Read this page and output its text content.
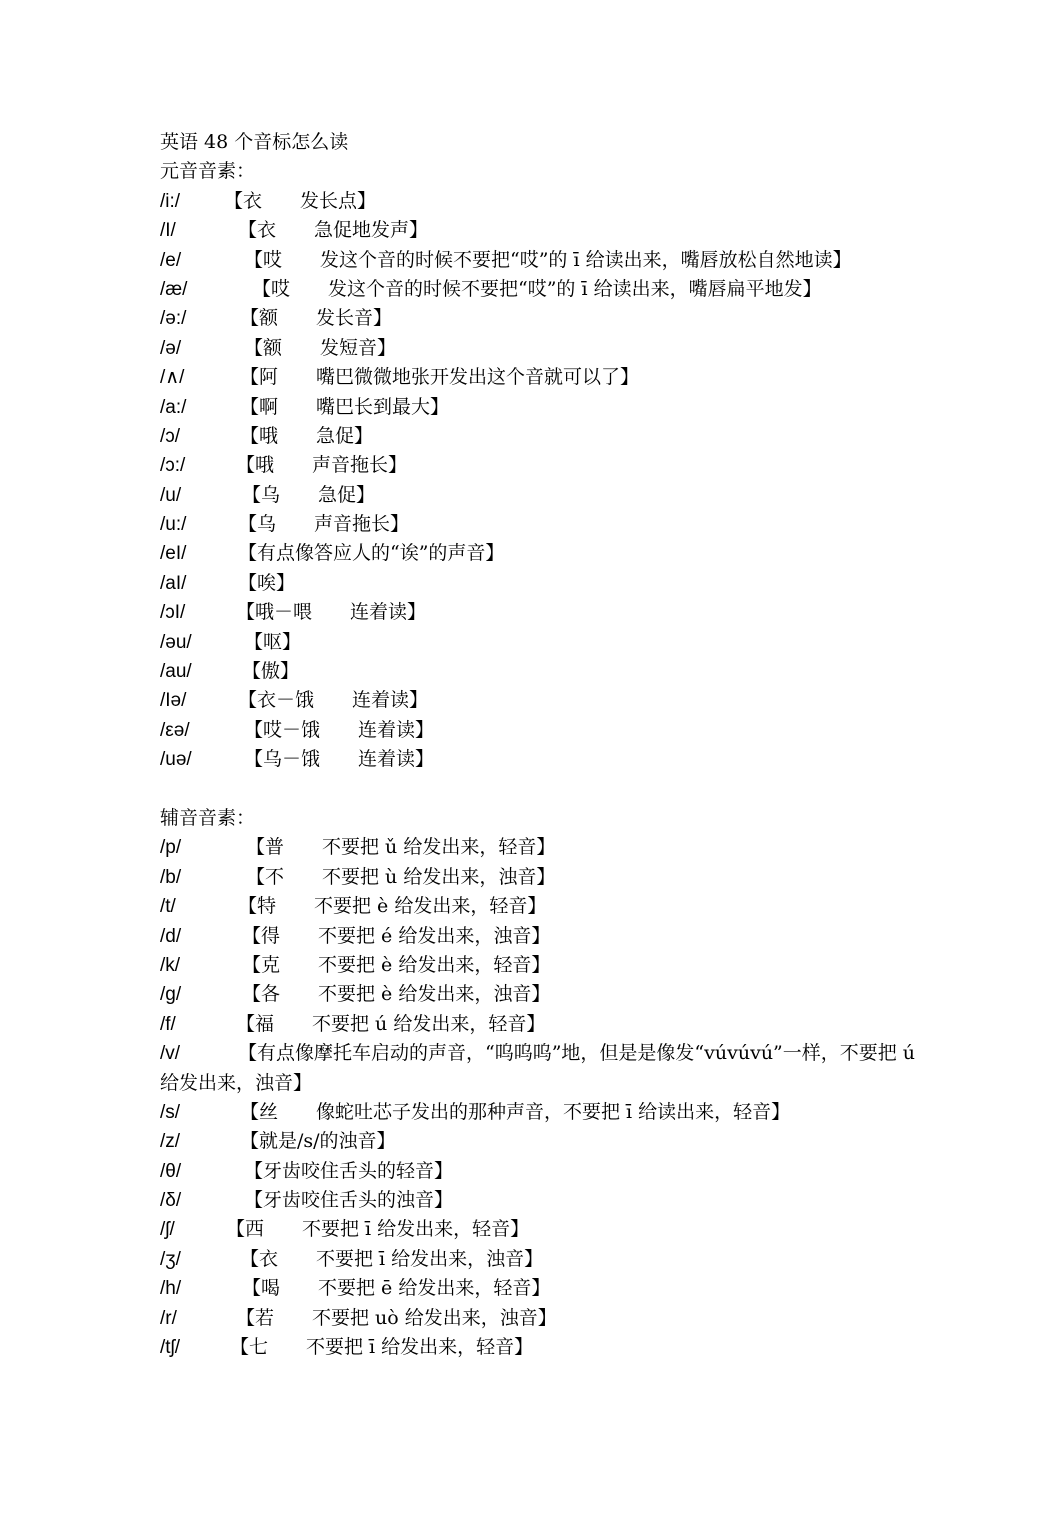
英语 48 个音标怎么读
元音音素：
/i:/ 【衣　　发长点】
/I/	【衣　　急促地发声】
/e/	【哎　　发这个音的时候不要把“哎”的 ī 给读出来，嘴唇放松自然地读】
/æ/	【哎　　发这个音的时候不要把“哎”的 ī 给读出来，嘴唇扁平地发】
/ə:/	【额　　发长音】
/ə/	【额　　发短音】
/∧/	【阿　　嘴巴微微地张开发出这个音就可以了】
/a:/	【啊　　嘴巴长到最大】
/ɔ/	【哦　　急促】
/ɔ:/	【哦　　声音拖长】
/u/	【乌　　急促】
/u:/	【乌　　声音拖长】
/eI/	【有点像答应人的“诶”的声音】
/aI/	【唉】
/ɔI/	【哦－喂　　连着读】
/əu/	【呕】
/au/	【傲】
/Iə/	【衣－饿　　连着读】
/εə/	【哎－饿　　连着读】
/uə/	【乌－饿　　连着读】
辅音音素：
/p/	【普　　不要把 ǔ 给发出来，轻音】
/b/	【不　　不要把 ù 给发出来，浊音】
/t/	【特　　不要把 è 给发出来，轻音】
/d/	【得　　不要把 é 给发出来，浊音】
/k/	【克　　不要把 è 给发出来，轻音】
/g/	【各　　不要把 è 给发出来，浊音】
/f/	【福　　不要把 ú 给发出来，轻音】
/v/	【有点像摩托车启动的声音，“呜呜呜”地，但是是像发“vúvúvú”一样，不要把 ú 给发出来，浊音】
/s/	【丝　　像蛇吐芯子发出的那种声音，不要把 ī 给读出来，轻音】
/z/	【就是/s/的浊音】
/θ/	【牙齿咬住舌头的轻音】
/δ/	【牙齿咬住舌头的浊音】
/ʃ/	【西　　不要把 ī 给发出来，轻音】
/ʒ/	【衣　　不要把 ī 给发出来，浊音】
/h/	【喝　　不要把 ē 给发出来，轻音】
/r/	【若　　不要把 uò 给发出来，浊音】
/tʃ/	【七　　不要把 ī 给发出来，轻音】
